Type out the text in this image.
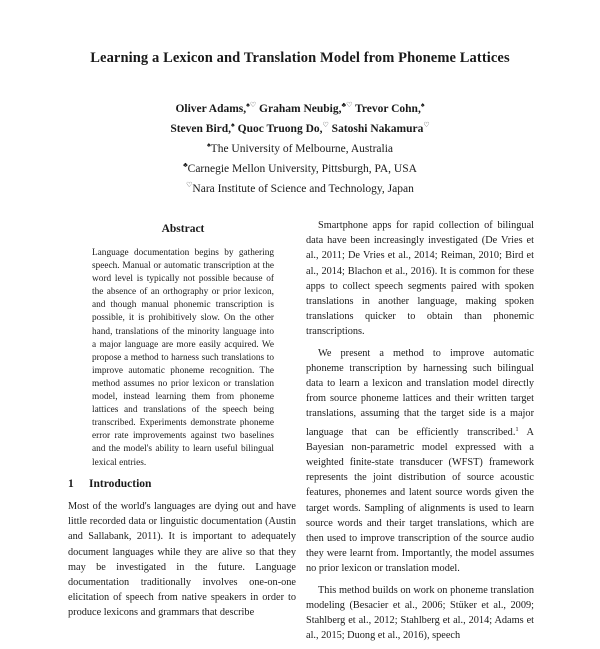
Learning a Lexicon and Translation Model from Phoneme Lattices
Oliver Adams,♠♡ Graham Neubig,♣♡ Trevor Cohn,♠
Steven Bird,♠ Quoc Truong Do,♡ Satoshi Nakamura♡
♠The University of Melbourne, Australia
♣Carnegie Mellon University, Pittsburgh, PA, USA
♡Nara Institute of Science and Technology, Japan
Abstract
Language documentation begins by gathering speech. Manual or automatic transcription at the word level is typically not possible because of the absence of an orthography or prior lexicon, and though manual phonemic transcription is possible, it is prohibitively slow. On the other hand, translations of the minority language into a major language are more easily acquired. We propose a method to harness such translations to improve automatic phoneme recognition. The method assumes no prior lexicon or translation model, instead learning them from phoneme lattices and translations of the speech being transcribed. Experiments demonstrate phoneme error rate improvements against two baselines and the model's ability to learn useful bilingual lexical entries.
1 Introduction
Most of the world's languages are dying out and have little recorded data or linguistic documentation (Austin and Sallabank, 2011). It is important to adequately document languages while they are alive so that they may be investigated in the future. Language documentation traditionally involves one-on-one elicitation of speech from native speakers in order to produce lexicons and grammars that describe

Smartphone apps for rapid collection of bilingual data have been increasingly investigated (De Vries et al., 2011; De Vries et al., 2014; Reiman, 2010; Bird et al., 2014; Blachon et al., 2016). It is common for these apps to collect speech segments paired with spoken translations in another language, making spoken translations quicker to obtain than phonemic transcriptions.

We present a method to improve automatic phoneme transcription by harnessing such bilingual data to learn a lexicon and translation model directly from source phoneme lattices and their written target translations, assuming that the target side is a major language that can be efficiently transcribed.$^1$ A Bayesian non-parametric model expressed with a weighted finite-state transducer (WFST) framework represents the joint distribution of source acoustic features, phonemes and latent source words given the target words. Sampling of alignments is used to learn source words and their target translations, which are then used to improve transcription of the source audio they were learnt from. Importantly, the model assumes no prior lexicon or translation model.

This method builds on work on phoneme translation modeling (Besacier et al., 2006; Stüker et al., 2009; Stahlberg et al., 2012; Stahlberg et al., 2014; Adams et al., 2015; Duong et al., 2016), speech
